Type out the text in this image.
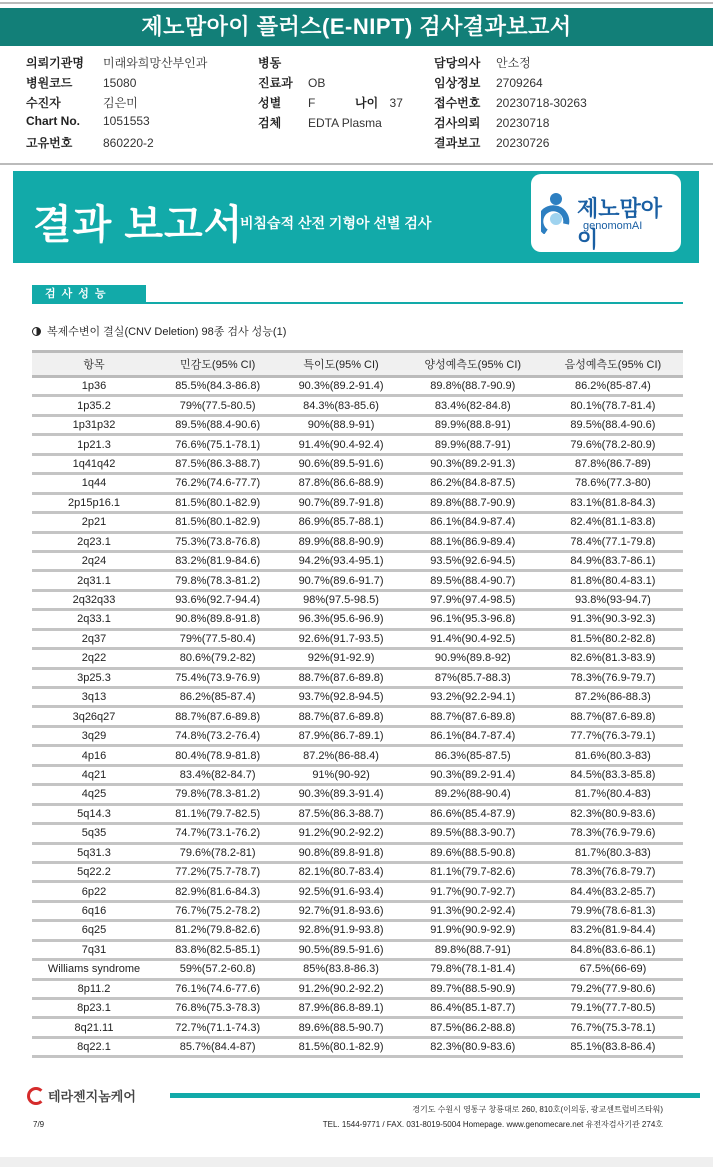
제노맘아이 플러스(E-NIPT) 검사결과보고서
의뢰기관명 미래와희망산부인과
병원코드	15080
수진자	김은미
Chart No. 1051553
고유번호	860220-2
병동
진료과 OB
성별 F
검체 EDTA Plasma
담당의사 안소정
임상정보 2709264
접수번호 20230718-30263
검사의뢰 20230718
결과보고 20230726
나이 37
결과 보고서
비침습적 산전 기형아 선별 검사
제노맘아이
genomomAI
검사성능
복제수변이 결실(CNV Deletion) 98종 검사 성능(1)
항목	민감도(95% CI)	특이도(95% CI)	양성예측도(95% CI)	음성예측도(95% CI)
1p36	85.5%(84.3-86.8)	90.3%(89.2-91.4)	89.8%(88.7-90.9)	86.2%(85-87.4)
1p35.2	79%(77.5-80.5)	84.3%(83-85.6)	83.4%(82-84.8)	80.1%(78.7-81.4)
1p31p32	89.5%(88.4-90.6)	90%(88.9-91)	89.9%(88.8-91)	89.5%(88.4-90.6)
1p21.3	76.6%(75.1-78.1)	91.4%(90.4-92.4)	89.9%(88.7-91)	79.6%(78.2-80.9)
1q41q42	87.5%(86.3-88.7)	90.6%(89.5-91.6)	90.3%(89.2-91.3)	87.8%(86.7-89)
1q44	76.2%(74.6-77.7)	87.8%(86.6-88.9)	86.2%(84.8-87.5)	78.6%(77.3-80)
2p15p16.1	81.5%(80.1-82.9)	90.7%(89.7-91.8)	89.8%(88.7-90.9)	83.1%(81.8-84.3)
2p21	81.5%(80.1-82.9)	86.9%(85.7-88.1)	86.1%(84.9-87.4)	82.4%(81.1-83.8)
2q23.1	75.3%(73.8-76.8)	89.9%(88.8-90.9)	88.1%(86.9-89.4)	78.4%(77.1-79.8)
2q24	83.2%(81.9-84.6)	94.2%(93.4-95.1)	93.5%(92.6-94.5)	84.9%(83.7-86.1)
2q31.1	79.8%(78.3-81.2)	90.7%(89.6-91.7)	89.5%(88.4-90.7)	81.8%(80.4-83.1)
2q32q33	93.6%(92.7-94.4)	98%(97.5-98.5)	97.9%(97.4-98.5)	93.8%(93-94.7)
2q33.1	90.8%(89.8-91.8)	96.3%(95.6-96.9)	96.1%(95.3-96.8)	91.3%(90.3-92.3)
2q37	79%(77.5-80.4)	92.6%(91.7-93.5)	91.4%(90.4-92.5)	81.5%(80.2-82.8)
2q22	80.6%(79.2-82)	92%(91-92.9)	90.9%(89.8-92)	82.6%(81.3-83.9)
3p25.3	75.4%(73.9-76.9)	88.7%(87.6-89.8)	87%(85.7-88.3)	78.3%(76.9-79.7)
3q13	86.2%(85-87.4)	93.7%(92.8-94.5)	93.2%(92.2-94.1)	87.2%(86-88.3)
3q26q27	88.7%(87.6-89.8)	88.7%(87.6-89.8)	88.7%(87.6-89.8)	88.7%(87.6-89.8)
3q29	74.8%(73.2-76.4)	87.9%(86.7-89.1)	86.1%(84.7-87.4)	77.7%(76.3-79.1)
4p16	80.4%(78.9-81.8)	87.2%(86-88.4)	86.3%(85-87.5)	81.6%(80.3-83)
4q21	83.4%(82-84.7)	91%(90-92)	90.3%(89.2-91.4)	84.5%(83.3-85.8)
4q25	79.8%(78.3-81.2)	90.3%(89.3-91.4)	89.2%(88-90.4)	81.7%(80.4-83)
5q14.3	81.1%(79.7-82.5)	87.5%(86.3-88.7)	86.6%(85.4-87.9)	82.3%(80.9-83.6)
5q35	74.7%(73.1-76.2)	91.2%(90.2-92.2)	89.5%(88.3-90.7)	78.3%(76.9-79.6)
5q31.3	79.6%(78.2-81)	90.8%(89.8-91.8)	89.6%(88.5-90.8)	81.7%(80.3-83)
5q22.2	77.2%(75.7-78.7)	82.1%(80.7-83.4)	81.1%(79.7-82.6)	78.3%(76.8-79.7)
6p22	82.9%(81.6-84.3)	92.5%(91.6-93.4)	91.7%(90.7-92.7)	84.4%(83.2-85.7)
6q16	76.7%(75.2-78.2)	92.7%(91.8-93.6)	91.3%(90.2-92.4)	79.9%(78.6-81.3)
6q25	81.2%(79.8-82.6)	92.8%(91.9-93.8)	91.9%(90.9-92.9)	83.2%(81.9-84.4)
7q31	83.8%(82.5-85.1)	90.5%(89.5-91.6)	89.8%(88.7-91)	84.8%(83.6-86.1)
Williams syndrome	59%(57.2-60.8)	85%(83.8-86.3)	79.8%(78.1-81.4)	67.5%(66-69)
8p11.2	76.1%(74.6-77.6)	91.2%(90.2-92.2)	89.7%(88.5-90.9)	79.2%(77.9-80.6)
8p23.1	76.8%(75.3-78.3)	87.9%(86.8-89.1)	86.4%(85.1-87.7)	79.1%(77.7-80.5)
8q21.11	72.7%(71.1-74.3)	89.6%(88.5-90.7)	87.5%(86.2-88.8)	76.7%(75.3-78.1)
8q22.1	85.7%(84.4-87)	81.5%(80.1-82.9)	82.3%(80.9-83.6)	85.1%(83.8-86.4)
테라젠지놈케어
경기도 수원시 영통구 창룡대로 260, 810호(이의동, 광교센트럴비즈타워)
TEL. 1544-9771 / FAX. 031-8019-5004 Homepage. www.genomecare.net 유전자검사기관 274호
7/9
